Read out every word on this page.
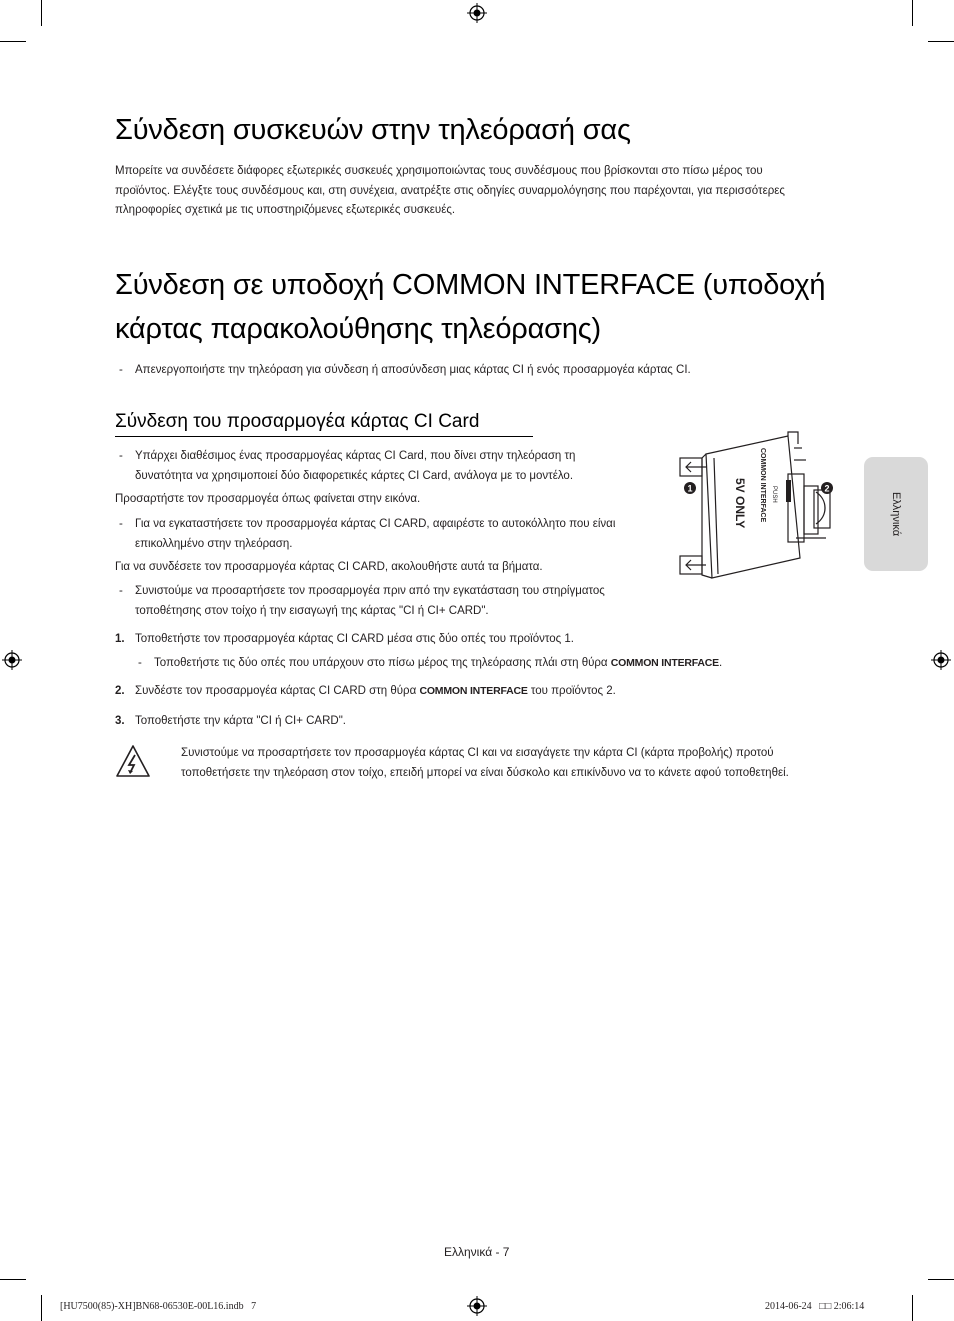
Σύνδεση συσκευών στην τηλεόρασή σας
Μπορείτε να συνδέσετε διάφορες εξωτερικές συσκευές χρησιμοποιώντας τους συνδέσμους που βρίσκονται στο πίσω μέρος του
προϊόντος. Ελέγξτε τους συνδέσμους και, στη συνέχεια, ανατρέξτε στις οδηγίες συναρμολόγησης που παρέχονται, για περισσότερες
πληροφορίες σχετικά με τις υποστηριζόμενες εξωτερικές συσκευές.
Σύνδεση σε υποδοχή COMMON INTERFACE (υποδοχή
κάρτας παρακολούθησης τηλεόρασης)
- Απενεργοποιήστε την τηλεόραση για σύνδεση ή αποσύνδεση μιας κάρτας CI ή ενός προσαρμογέα κάρτας CI.
Σύνδεση του προσαρμογέα κάρτας CI Card
- Υπάρχει διαθέσιμος ένας προσαρμογέας κάρτας CI Card, που δίνει στην τηλεόραση τη
δυνατότητα να χρησιμοποιεί δύο διαφορετικές κάρτες CI Card, ανάλογα με το μοντέλο.
Προσαρτήστε τον προσαρμογέα όπως φαίνεται στην εικόνα.
- Για να εγκαταστήσετε τον προσαρμογέα κάρτας CI CARD, αφαιρέστε το αυτοκόλλητο που είναι
επικολλημένο στην τηλεόραση.
Για να συνδέσετε τον προσαρμογέα κάρτας CI CARD, ακολουθήστε αυτά τα βήματα.
- Συνιστούμε να προσαρτήσετε τον προσαρμογέα πριν από την εγκατάσταση του στηρίγματος
τοποθέτησης στον τοίχο ή την εισαγωγή της κάρτας "CI ή CI+ CARD".
1. Τοποθετήστε τον προσαρμογέα κάρτας CI CARD μέσα στις δύο οπές του προϊόντος 1.
- Τοποθετήστε τις δύο οπές που υπάρχουν στο πίσω μέρος της τηλεόρασης πλάι στη θύρα COMMON INTERFACE.
2. Συνδέστε τον προσαρμογέα κάρτας CI CARD στη θύρα COMMON INTERFACE του προϊόντος 2.
3. Τοποθετήστε την κάρτα "CI ή CI+ CARD".
Συνιστούμε να προσαρτήσετε τον προσαρμογέα κάρτας CI και να εισαγάγετε την κάρτα CI (κάρτα προβολής) προτού
τοποθετήσετε την τηλεόραση στον τοίχο, επειδή μπορεί να είναι δύσκολο και επικίνδυνο να το κάνετε αφού τοποθετηθεί.
1	2
PUSH
COMMON INTERFACE
5V ONLY	Ελληνικά
Ελληνικά - 7
[HU7500(85)-XH]BN68-06530E-00L16.indb   7	2014-06-24   □□ 2:06:14
